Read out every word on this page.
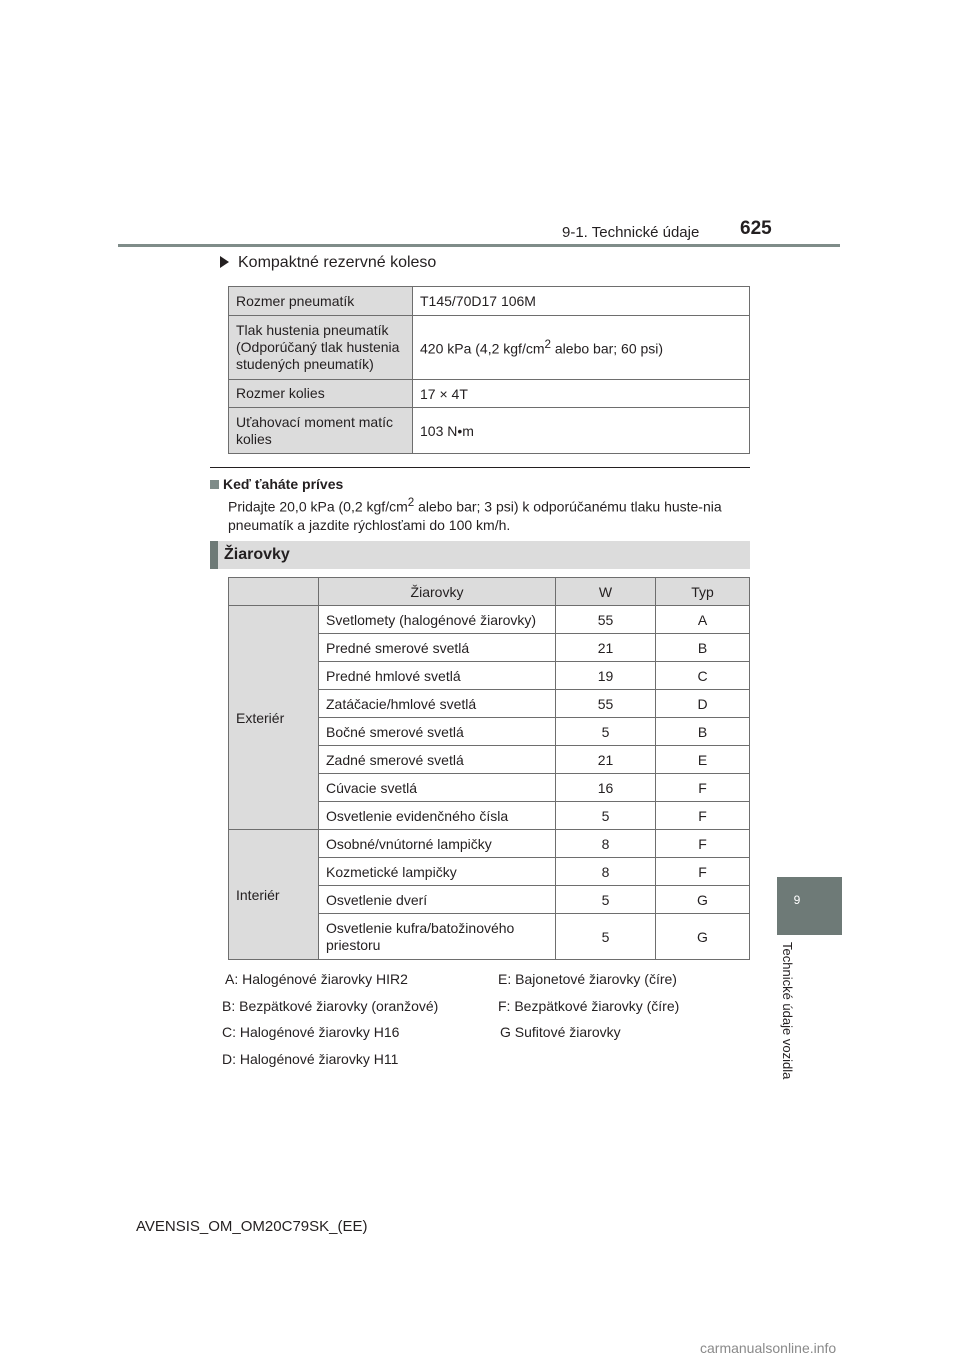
9-1. Technické údaje 625
9
Technické údaje vozidla
Kompaktné rezervné koleso
Rozmer pneumatík	T145/70D17 106M
Tlak hustenia pneumatík (Odporúčaný tlak hustenia studených pneumatík)	420 kPa (4,2 kgf/$cm^2$ alebo bar; 60 psi)
Rozmer kolies	17 × 4T
Uťahovací moment matíc kolies	103 N•m
Keď ťaháte príves
Pridajte 20,0 kPa (0,2 kgf/$cm^2$ alebo bar; 3 psi) k odporúčanému tlaku huste-nia pneumatík a jazdite rýchlosťami do 100 km/h.
Žiarovky
	Žiarovky	W	Typ
Exteriér	Svetlomety (halogénové žiarovky)	55	A
	Predné smerové svetlá	21	B
	Predné hmlové svetlá	19	C
	Zatáčacie/hmlové svetlá	55	D
	Bočné smerové svetlá	5	B
	Zadné smerové svetlá	21	E
	Cúvacie svetlá	16	F
	Osvetlenie evidenčného čísla	5	F
Interiér	Osobné/vnútorné lampičky	8	F
	Kozmetické lampičky	8	F
	Osvetlenie dverí	5	G
	Osvetlenie kufra/batožinového priestoru	5	G
A: Halogénové žiarovky HIR2	E: Bajonetové žiarovky (číre)
B: Bezpätkové žiarovky (oranžové)	F: Bezpätkové žiarovky (číre)
C: Halogénové žiarovky H16	G Sufitové žiarovky
D: Halogénové žiarovky H11
AVENSIS_OM_OM20C79SK_(EE)
carmanualsonline.info
